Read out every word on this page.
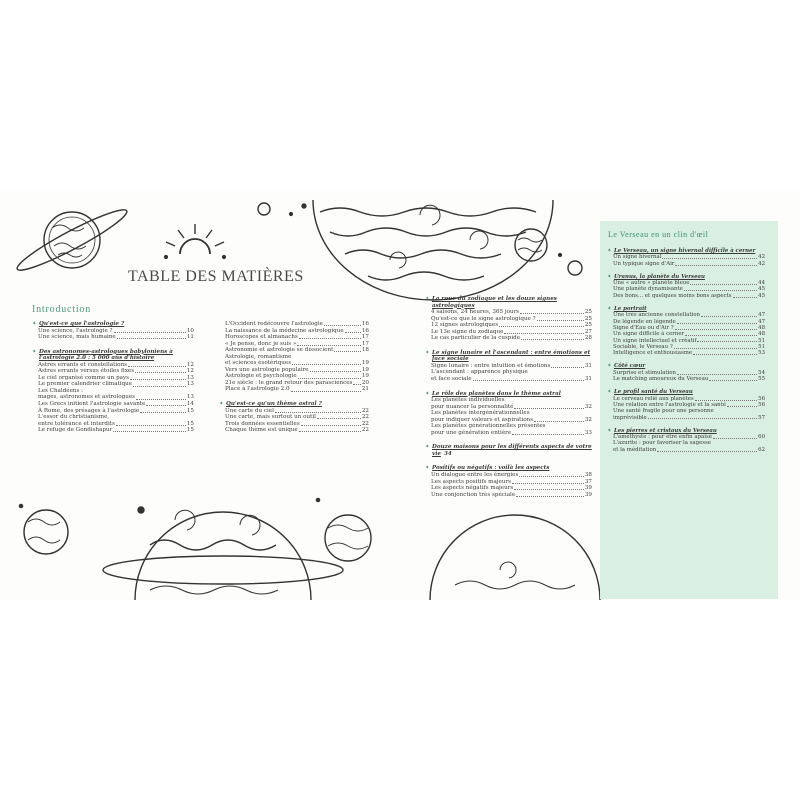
TABLE DES MATIÈRES
Introduction
✦ Qu'est-ce que l'astrologie ?
Une science, l'astrologie ?	10
Une science, mais humaine	11
✦ Des astronomes-astrologues babyloniens à l'astrologie 2.0 : 5 000 ans d'histoire
Astres errants et constellations	12
Astres errants versus étoiles fixes	12
Le ciel organisé comme un pays	13
Le premier calendrier climatique	13
Les Chaldéens :
mages, astronomes et astrologues	13
Les Grecs initient l'astrologie savante	14
À Rome, des présages à l'astrologie	15
L'essor du christianisme,
entre tolérance et interdits	15
Le refuge de Gondishapur	15
L'Occident redécouvre l'astrologie	16
La naissance de la médecine astrologique	16
Horoscopes et almanachs	17
« Je pense, donc je suis »	17
Astronomie et astrologie se dissocient	18
Astrologie, romantisme
et sciences ésotériques	19
Vers une astrologie populaire	19
Astrologie et psychologie	19
21e siècle : le grand retour des parasciences 20
Place à l'astrologie 2.0	21
✦ Qu'est-ce qu'un thème astral ?
Une carte du ciel	22
Une carte, mais surtout un outil	22
Trois données essentielles	22
Chaque thème est unique	22
✦ La roue du zodiaque et les douze signes astrologiques
4 saisons, 24 heures, 365 jours	25
Qu'est-ce que le signe astrologique ?	25
12 signes astrologiques	25
Le 13e signe du zodiaque	27
Le cas particulier de la cuspide	28
✦ Le signe lunaire et l'ascendant : entre émotions et face sociale
Signe lunaire : entre intuition et émotions	31
L'ascendant : apparence physique
et face sociale	31
✦ Le rôle des planètes dans le thème astral
Les planètes individuelles
pour nuancer la personnalité	32
Les planètes intergénérationnelles
pour indiquer valeurs et aspirations	32
Les planètes générationnelles présentes
pour une génération entière	33
✦ Douze maisons pour les différents aspects de votre vie 34
✦ Positifs ou négatifs : voilà les aspects
Un dialogue entre les énergies	38
Les aspects positifs majeurs	37
Les aspects négatifs majeurs	39
Une conjonction très spéciale	39
Le Verseau en un clin d'œil
✦ Le Verseau, un signe hivernal difficile à cerner
Un signe hivernal	42
Un typique signe d'Air	42
✦ Uranus, la planète du Verseau
Une « autre » planète bleue	44
Une planète dynamisante	45
Des bons... et quelques moins bons aspects	45
✦ Le portrait
Une très ancienne constellation	47
De légende en légende	47
Signe d'Eau ou d'Air ?	48
Un signe difficile à cerner	48
Un signe intellectuel et créatif	51
Sociable, le Verseau ?	51
Intelligence et enthousiasme	53
✦ Côté cœur
Surprise et stimulation	54
Le matching amoureux du Verseau	55
✦ Le profil santé du Verseau
Le cerveau relié aux planètes	56
Une relation entre l'astrologie et la santé	56
Une santé fragile pour une personne
imprévisible	57
✦ Les pierres et cristaux du Verseau
L'améthyste : pour être enfin apaisé	60
L'azurite : pour favoriser la sagesse
et la méditation	62
